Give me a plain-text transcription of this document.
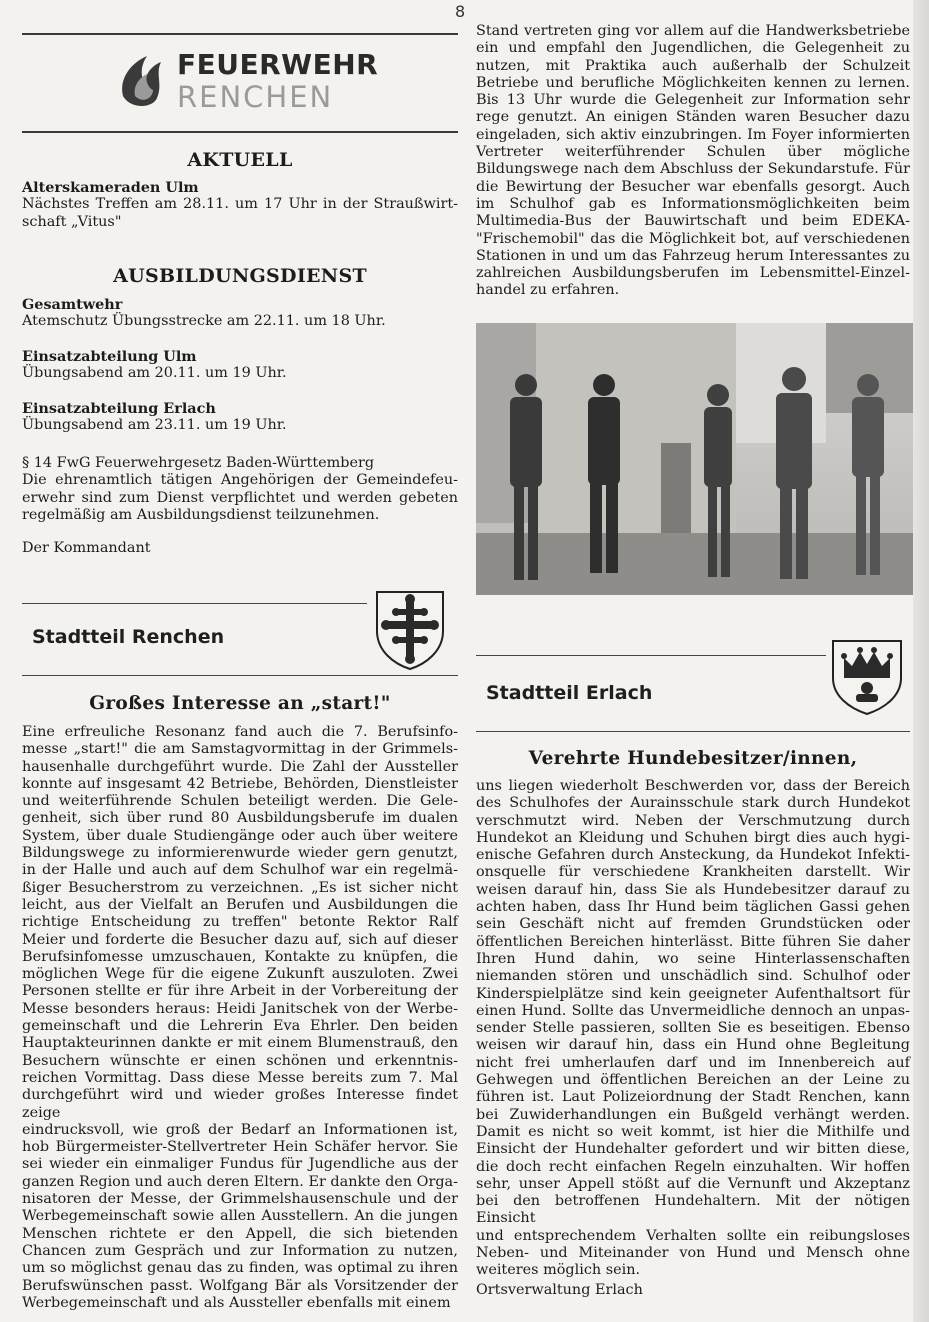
8
FEUERWEHR
RENCHEN
AKTUELL
Alterskameraden Ulm
Nächstes Treffen am 28.11. um 17 Uhr in der Straußwirt-
schaft „Vitus"
AUSBILDUNGSDIENST
Gesamtwehr
Atemschutz Übungsstrecke am 22.11. um 18 Uhr.
Einsatzabteilung Ulm
Übungsabend am 20.11. um 19 Uhr.
Einsatzabteilung Erlach
Übungsabend am 23.11. um 19 Uhr.
§ 14 FwG Feuerwehrgesetz Baden-Württemberg
Die ehrenamtlich tätigen Angehörigen der Gemeindefeu-
erwehr sind zum Dienst verpflichtet und werden gebeten
regelmäßig am Ausbildungsdienst teilzunehmen.
Der Kommandant
Stadtteil Renchen
Großes Interesse an „start!"
Eine erfreuliche Resonanz fand auch die 7. Berufsinfo-
messe „start!" die am Samstagvormittag in der Grimmels-
hausenhalle durchgeführt wurde. Die Zahl der Aussteller
konnte auf insgesamt 42 Betriebe, Behörden, Dienstleister
und weiterführende Schulen beteiligt werden. Die Gele-
genheit, sich über rund 80 Ausbildungsberufe im dualen
System, über duale Studiengänge oder auch über weitere
Bildungswege zu informierenwurde wieder gern genutzt,
in der Halle und auch auf dem Schulhof war ein regelmä-
ßiger Besucherstrom zu verzeichnen. „Es ist sicher nicht
leicht, aus der Vielfalt an Berufen und Ausbildungen die
richtige Entscheidung zu treffen" betonte Rektor Ralf
Meier und forderte die Besucher dazu auf, sich auf dieser
Berufsinfomesse umzuschauen, Kontakte zu knüpfen, die
möglichen Wege für die eigene Zukunft auszuloten. Zwei
Personen stellte er für ihre Arbeit in der Vorbereitung der
Messe besonders heraus: Heidi Janitschek von der Werbe-
gemeinschaft und die Lehrerin Eva Ehrler. Den beiden
Hauptakteurinnen dankte er mit einem Blumenstrauß, den
Besuchern wünschte er einen schönen und erkenntnis-
reichen Vormittag. Dass diese Messe bereits zum 7. Mal
durchgeführt wird und wieder großes Interesse findet zeige
eindrucksvoll, wie groß der Bedarf an Informationen ist,
hob Bürgermeister-Stellvertreter Hein Schäfer hervor. Sie
sei wieder ein einmaliger Fundus für Jugendliche aus der
ganzen Region und auch deren Eltern. Er dankte den Orga-
nisatoren der Messe, der Grimmelshausenschule und der
Werbegemeinschaft sowie allen Ausstellern. An die jungen
Menschen richtete er den Appell, die sich bietenden
Chancen zum Gespräch und zur Information zu nutzen,
um so möglichst genau das zu finden, was optimal zu ihren
Berufswünschen passt. Wolfgang Bär als Vorsitzender der
Werbegemeinschaft und als Aussteller ebenfalls mit einem
Stand vertreten ging vor allem auf die Handwerksbetriebe
ein und empfahl den Jugendlichen, die Gelegenheit zu
nutzen, mit Praktika auch außerhalb der Schulzeit
Betriebe und berufliche Möglichkeiten kennen zu lernen.
Bis 13 Uhr wurde die Gelegenheit zur Information sehr
rege genutzt. An einigen Ständen waren Besucher dazu
eingeladen, sich aktiv einzubringen. Im Foyer informierten
Vertreter weiterführender Schulen über mögliche
Bildungswege nach dem Abschluss der Sekundarstufe. Für
die Bewirtung der Besucher war ebenfalls gesorgt. Auch
im Schulhof gab es Informationsmöglichkeiten beim
Multimedia-Bus der Bauwirtschaft und beim EDEKA-
"Frischemobil" das die Möglichkeit bot, auf verschiedenen
Stationen in und um das Fahrzeug herum Interessantes zu
zahlreichen Ausbildungsberufen im Lebensmittel-Einzel-
handel zu erfahren.
Stadtteil Erlach
Verehrte Hundebesitzer/innen,
uns liegen wiederholt Beschwerden vor, dass der Bereich
des Schulhofes der Aurainsschule stark durch Hundekot
verschmutzt wird. Neben der Verschmutzung durch
Hundekot an Kleidung und Schuhen birgt dies auch hygi-
enische Gefahren durch Ansteckung, da Hundekot Infekti-
onsquelle für verschiedene Krankheiten darstellt. Wir
weisen darauf hin, dass Sie als Hundebesitzer darauf zu
achten haben, dass Ihr Hund beim täglichen Gassi gehen
sein Geschäft nicht auf fremden Grundstücken oder
öffentlichen Bereichen hinterlässt. Bitte führen Sie daher
Ihren Hund dahin, wo seine Hinterlassenschaften
niemanden stören und unschädlich sind. Schulhof oder
Kinderspielplätze sind kein geeigneter Aufenthaltsort für
einen Hund. Sollte das Unvermeidliche dennoch an unpas-
sender Stelle passieren, sollten Sie es beseitigen. Ebenso
weisen wir darauf hin, dass ein Hund ohne Begleitung
nicht frei umherlaufen darf und im Innenbereich auf
Gehwegen und öffentlichen Bereichen an der Leine zu
führen ist. Laut Polizeiordnung der Stadt Renchen, kann
bei Zuwiderhandlungen ein Bußgeld verhängt werden.
Damit es nicht so weit kommt, ist hier die Mithilfe und
Einsicht der Hundehalter gefordert und wir bitten diese,
die doch recht einfachen Regeln einzuhalten. Wir hoffen
sehr, unser Appell stößt auf die Vernunft und Akzeptanz
bei den betroffenen Hundehaltern. Mit der nötigen Einsicht
und entsprechendem Verhalten sollte ein reibungsloses
Neben- und Miteinander von Hund und Mensch ohne
weiteres möglich sein.
Ortsverwaltung Erlach
